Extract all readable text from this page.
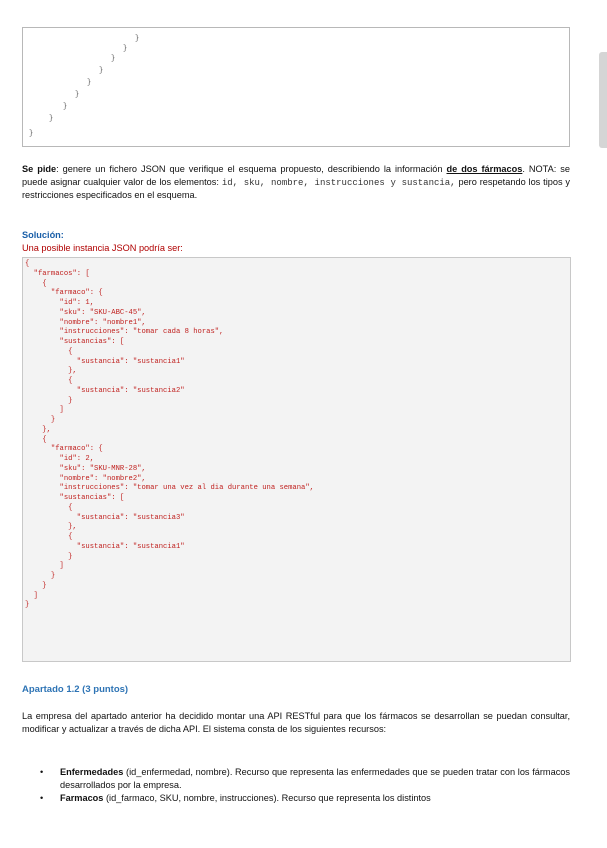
}
}
}
}
}
}
}
}
}
Se pide: genere un fichero JSON que verifique el esquema propuesto, describiendo la información de dos fármacos. NOTA: se puede asignar cualquier valor de los elementos: id, sku, nombre, instrucciones y sustancia, pero respetando los tipos y restricciones especificados en el esquema.
Solución:
Una posible instancia JSON podría ser:
{
"farmacos": [
{
"farmaco": {
"id": 1,
"sku": "SKU-ABC-45",
"nombre": "nombre1",
"instrucciones": "tomar cada 8 horas",
"sustancias": [
{
"sustancia": "sustancia1"
},
{
"sustancia": "sustancia2"
}
]
}
},
{
"farmaco": {
"id": 2,
"sku": "SKU-MNR-28",
"nombre": "nombre2",
"instrucciones": "tomar una vez al dia durante una semana",
"sustancias": [
{
"sustancia": "sustancia3"
},
{
"sustancia": "sustancia1"
}
]
}
}
]
}
Apartado 1.2 (3 puntos)
La empresa del apartado anterior ha decidido montar una API RESTful para que los fármacos se desarrollan se puedan consultar, modificar y actualizar a través de dicha API. El sistema consta de los siguientes recursos:
• Enfermedades (id_enfermedad, nombre). Recurso que representa las enfermedades que se pueden tratar con los fármacos desarrollados por la empresa.
• Farmacos (id_farmaco, SKU, nombre, instrucciones). Recurso que representa los distintos
